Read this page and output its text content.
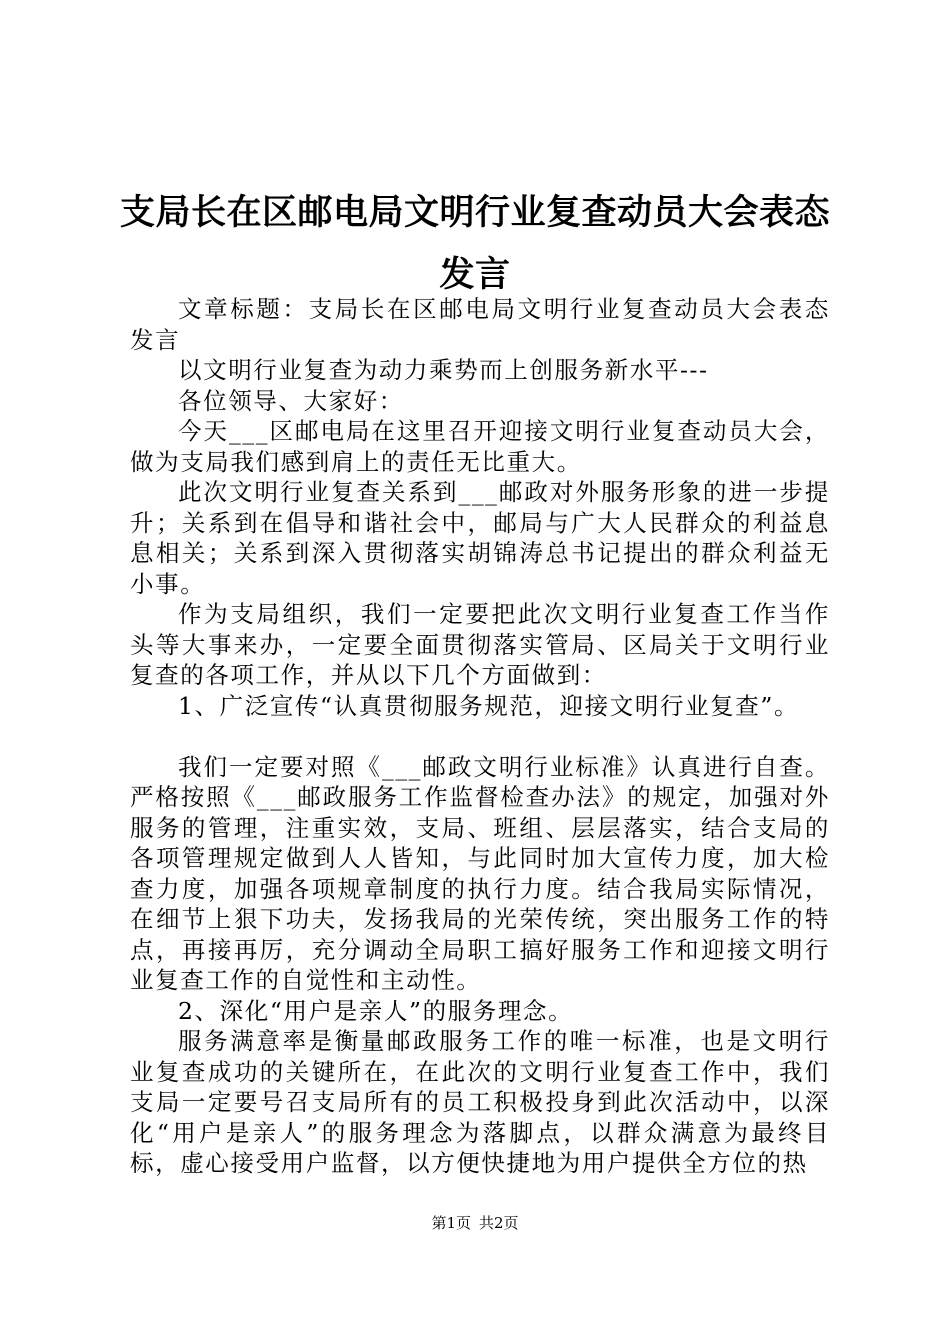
支局长在区邮电局文明行业复查动员大会表态
发言

文章标题：支局长在区邮电局文明行业复查动员大会表态发言

以文明行业复查为动力乘势而上创服务新水平---

各位领导、大家好：

今天___区邮电局在这里召开迎接文明行业复查动员大会，做为支局我们感到肩上的责任无比重大。

此次文明行业复查关系到___邮政对外服务形象的进一步提升；关系到在倡导和谐社会中，邮局与广大人民群众的利益息息相关；关系到深入贯彻落实胡锦涛总书记提出的群众利益无小事。

作为支局组织，我们一定要把此次文明行业复查工作当作头等大事来办，一定要全面贯彻落实管局、区局关于文明行业复查的各项工作，并从以下几个方面做到：

1、广泛宣传“认真贯彻服务规范，迎接文明行业复查”。

我们一定要对照《___邮政文明行业标准》认真进行自查。严格按照《___邮政服务工作监督检查办法》的规定，加强对外服务的管理，注重实效，支局、班组、层层落实，结合支局的各项管理规定做到人人皆知，与此同时加大宣传力度，加大检查力度，加强各项规章制度的执行力度。结合我局实际情况，在细节上狠下功夫，发扬我局的光荣传统，突出服务工作的特点，再接再厉，充分调动全局职工搞好服务工作和迎接文明行业复查工作的自觉性和主动性。

2、深化“用户是亲人”的服务理念。

服务满意率是衡量邮政服务工作的唯一标准，也是文明行业复查成功的关键所在，在此次的文明行业复查工作中，我们支局一定要号召支局所有的员工积极投身到此次活动中，以深化“用户是亲人”的服务理念为落脚点，以群众满意为最终目标，虚心接受用户监督，以方便快捷地为用户提供全方位的热

第1页 共2页
